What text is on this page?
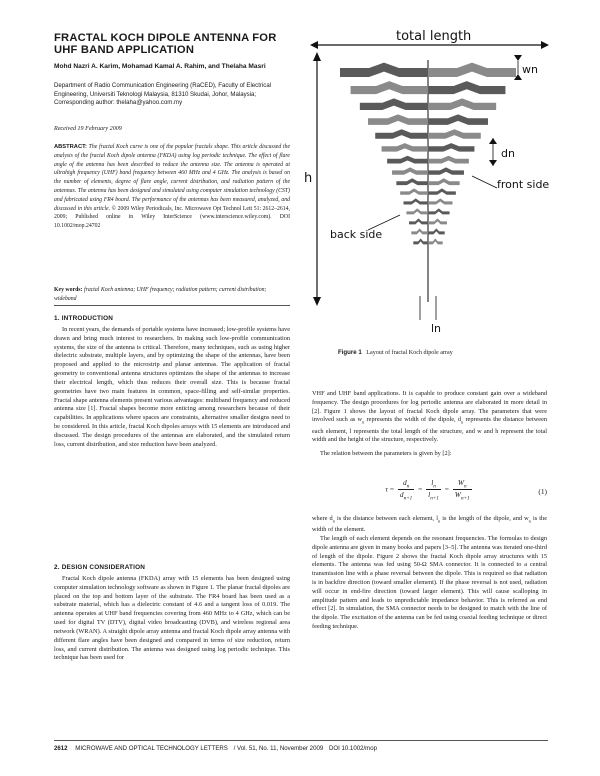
FRACTAL KOCH DIPOLE ANTENNA FOR UHF BAND APPLICATION
Mohd Nazri A. Karim, Mohamad Kamal A. Rahim, and Thelaha Masri
Department of Radio Communication Engineering (RaCED), Faculty of Electrical Engineering, Universiti Teknologi Malaysia, 81310 Skudai, Johor, Malaysia; Corresponding author: thelaha@yahoo.com.my
Received 19 February 2009
ABSTRACT: The fractal Koch curve is one of the popular fractals shape. This article discussed the analysis of the fractal Koch dipole antenna (FKDA) using log periodic technique. The effect of flare angle of the antenna has been described to reduce the antenna size. The antenna is operated at ultrahigh frequency (UHF) band frequency between 460 MHz and 4 GHz. The analysis is based on the number of elements, degree of flare angle, current distribution, and radiation pattern of the antennas. The antenna has been designed and simulated using computer simulation technology (CST) and fabricated using FR4 board. The performance of the antennas has been measured, analyzed, and discussed in this article. © 2009 Wiley Periodicals, Inc. Microwave Opt Technol Lett 51: 2612–2614, 2009; Published online in Wiley InterScience (www.interscience.wiley.com). DOI 10.1002/mop.24702
Key words: fractal Koch antenna; UHF frequency; radiation pattern; current distribution; wideband
1. INTRODUCTION

In recent years, the demands of portable systems have increased; low-profile systems have drawn and bring much interest to researchers. In making such low-profile communication systems, the size of the antenna is critical. Therefore, many techniques, such as using higher dielectric substrate, multiple layers, and by optimizing the shape of the antennas, have been proposed and applied to the microstrip and planar antennas. The application of fractal geometry to conventional antenna structures optimizes the shape of the antennas to increase their electrical length, which thus reduces their overall size. This is because fractal geometries have two main features in common, space-filling and self-similar properties. Fractal shape antenna elements present various advantages: multiband frequency and reduced antenna size [1]. Fractal shapes become more enticing among researchers because of their capabilities. In applications where spaces are constraints, alternative smaller designs need to be considered. In this article, fractal Koch dipoles arrays with 15 elements are introduced and discussed. The design procedures of the antennas are elaborated, and the simulated return loss, current distribution, and size reduction have been analyzed.

2. DESIGN CONSIDERATION

Fractal Koch dipole antenna (FKDA) array with 15 elements has been designed using computer simulation technology software as shown in Figure 1. The planar fractal dipoles are placed on the top and bottom layer of the substrate. The FR4 board has been used as a substrate material, which has a dielectric constant of 4.6 and a tangent loss of 0.019. The antenna operates at UHF band frequencies covering from 460 MHz to 4 GHz, which can be used for digital TV (DTV), digital video broadcasting (DVB), and wireless regional area network (WRAN). A straight dipole array antenna and fractal Koch dipole array antenna with different flare angles have been designed and compared in terms of size reduction, return loss, and current distribution. The antenna was designed using log periodic technique. This technique has been used for

total length
h
wn
dn
front side
back side
ln
Figure 1 Layout of fractal Koch dipole array

VHF and UHF band applications. It is capable to produce constant gain over a wideband frequency. The design procedures for log periodic antenna are elaborated in more detail in [2]. Figure 1 shows the layout of fractal Koch dipole array. The parameters that were involved such as $w_n$ represents the width of the dipole, $d_n$ represents the distance between each element, l represents the total length of the structure, and w and h represent the total width and the height of the structure, respectively.

The relation between the parameters is given by [2]:

$\tau = \frac{d_n}{d_{n+1}} = \frac{l_n}{l_{n+1}} = \frac{W_n}{W_{n+1}}$	(1)

where $d_n$ is the distance between each element, $l_n$ is the length of the dipole, and $w_n$ is the width of the element.

The length of each element depends on the resonant frequencies. The formulas to design dipole antenna are given in many books and papers [3–5]. The antenna was iterated one-third of length of the dipole. Figure 2 shows the fractal Koch dipole array structures with 15 elements. The antenna was fed using 50-Ω SMA connector. It is connected to a central transmission line with a phase reversal between the dipole. This is required so that radiation is in backfire direction (toward smaller element). If the phase reversal is not used, radiation will occur in end-fire direction (toward larger element). This will cause scalloping in amplitude pattern and leads to unpredictable impedance behavior. This is referred as end effect [2]. In simulation, the SMA connector needs to be designed to match with the line of the dipole. The excitation of the antenna can be fed using coaxial feeding technique or direct feeding technique.

2612 MICROWAVE AND OPTICAL TECHNOLOGY LETTERS / Vol. 51, No. 11, November 2009 DOI 10.1002/mop
